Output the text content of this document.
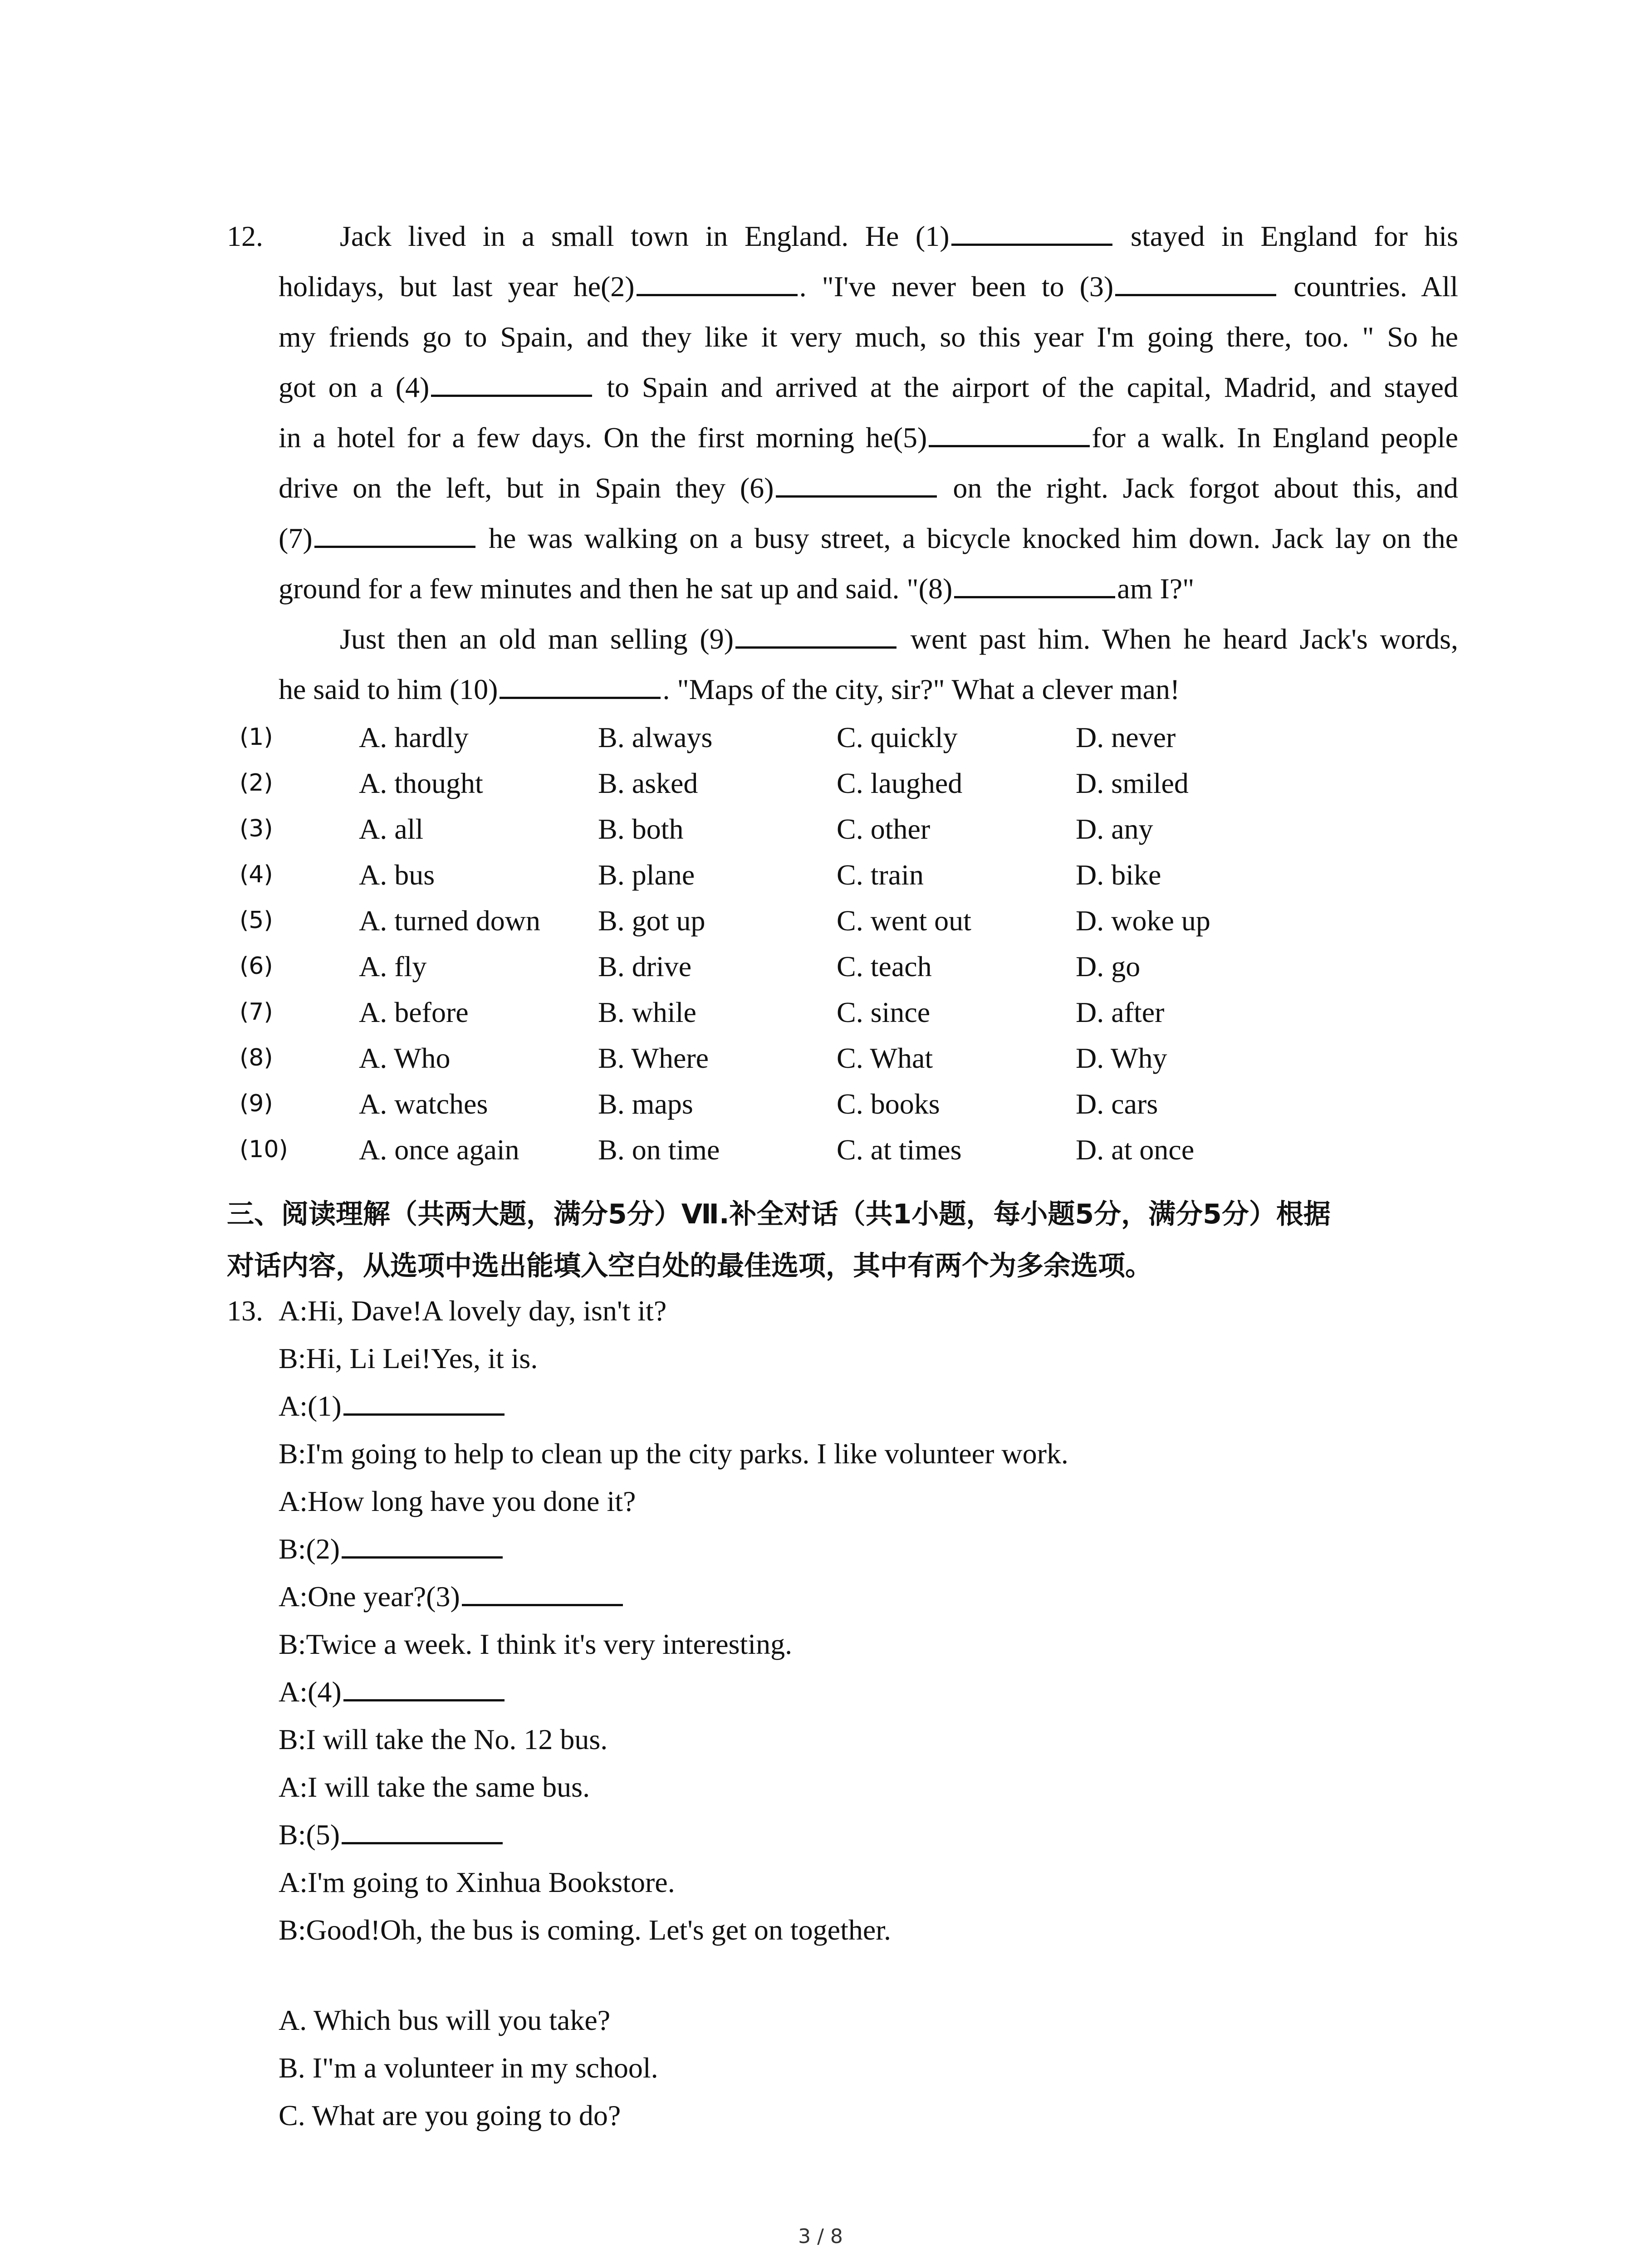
12.	Jack lived in a small town in England. He (1)	stayed in England for his
holidays, but last year he(2)	. "I've never been to (3)	countries. All
my friends go to Spain, and they like it very much, so this year I'm going there, too. " So he
got on a (4)	to Spain and arrived at the airport of the capital, Madrid, and stayed
in a hotel for a few days. On the first morning he(5)	for a walk. In England people
drive on the left, but in Spain they (6)	on the right. Jack forgot about this, and
(7)	he was walking on a busy street, a bicycle knocked him down. Jack lay on the
ground for a few minutes and then he sat up and said. "(8)	am I?"
Just then an old man selling (9)	went past him. When he heard Jack's words,
he said to him (10)	. "Maps of the city, sir?" What a clever man!
(1)	A. hardly	B. always	C. quickly	D. never
(2)	A. thought	B. asked	C. laughed	D. smiled
(3)	A. all	B. both	C. other	D. any
(4)	A. bus	B. plane	C. train	D. bike
(5)	A. turned down B. got up	C. went out	D. woke up
(6)	A. fly	B. drive	C. teach	D. go
(7)	A. before	B. while	C. since	D. after
(8)	A. Who	B. Where	C. What	D. Why
(9)	A. watches	B. maps	C. books	D. cars
(10) A. once again	B. on time	C. at times	D. at once
三、阅读理解（共两大题，满分5分）Ⅶ.补全对话（共1小题，每小题5分，满分5分）根据
对话内容，从选项中选出能填入空白处的最佳选项，其中有两个为多余选项。
13. A:Hi, Dave!A lovely day, isn't it?
B:Hi, Li Lei!Yes, it is.
A:(1)
B:I'm going to help to clean up the city parks. I like volunteer work.
A:How long have you done it?
B:(2)
A:One year?(3)
B:Twice a week. I think it's very interesting.
A:(4)
B:I will take the No. 12 bus.
A:I will take the same bus.
B:(5)
A:I'm going to Xinhua Bookstore.
B:Good!Oh, the bus is coming. Let's get on together.
A. Which bus will you take?
B. I"m a volunteer in my school.
C. What are you going to do?
3 / 8
